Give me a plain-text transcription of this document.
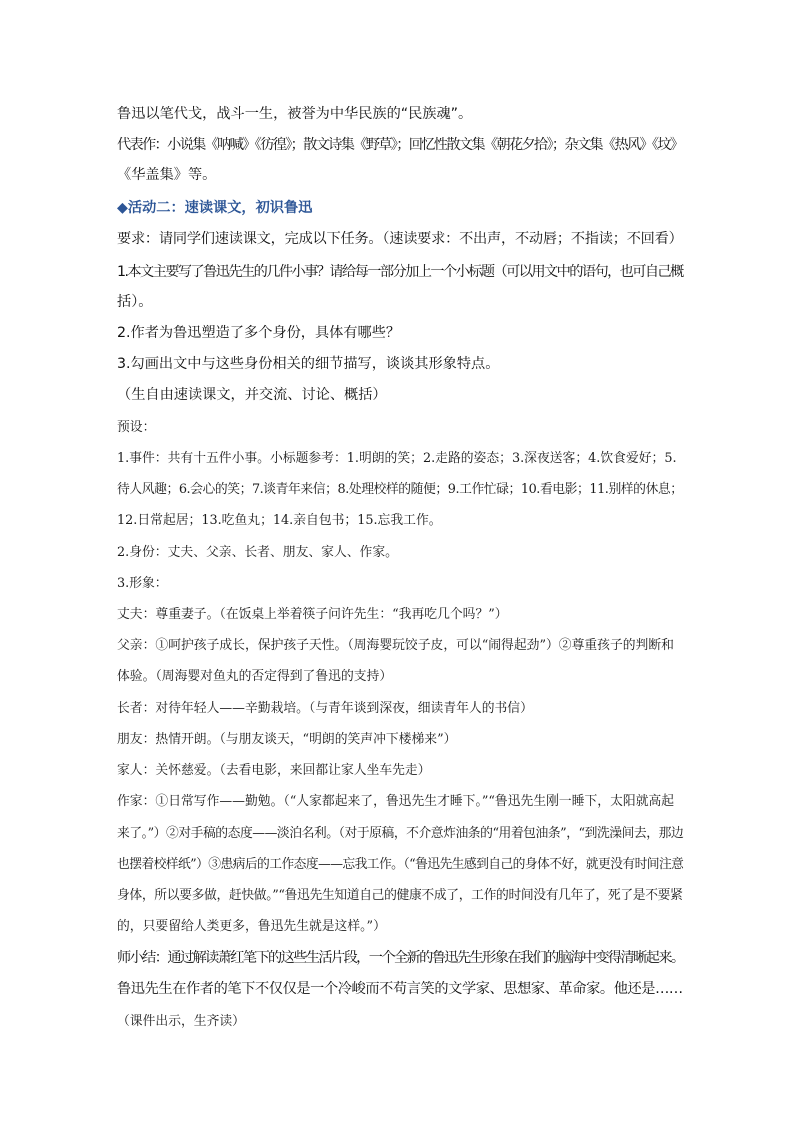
鲁迅以笔代戈，战斗一生，被誉为中华民族的“民族魂”。
代表作：小说集《呐喊》《彷徨》；散文诗集《野草》；回忆性散文集《朝花夕拾》；杂文集《热风》《坟》
《华盖集》等。
◆活动二：速读课文，初识鲁迅
要求：请同学们速读课文，完成以下任务。（速读要求：不出声，不动唇；不指读；不回看）
1.本文主要写了鲁迅先生的几件小事？请给每一部分加上一个小标题（可以用文中的语句，也可自己概
括）。
2.作者为鲁迅塑造了多个身份，具体有哪些？
3.勾画出文中与这些身份相关的细节描写，谈谈其形象特点。
（生自由速读课文，并交流、讨论、概括）
预设：
1.事件：共有十五件小事。小标题参考：1.明朗的笑；2.走路的姿态；3.深夜送客；4.饮食爱好；5.
待人风趣；6.会心的笑；7.谈青年来信；8.处理校样的随便；9.工作忙碌；10.看电影；11.别样的休息；
12.日常起居；13.吃鱼丸；14.亲自包书；15.忘我工作。
2.身份：丈夫、父亲、长者、朋友、家人、作家。
3.形象：
丈夫：尊重妻子。（在饭桌上举着筷子问许先生：“我再吃几个吗？”）
父亲：①呵护孩子成长，保护孩子天性。（周海婴玩饺子皮，可以“闹得起劲”）②尊重孩子的判断和
体验。（周海婴对鱼丸的否定得到了鲁迅的支持）
长者：对待年轻人——辛勤栽培。（与青年谈到深夜，细读青年人的书信）
朋友：热情开朗。（与朋友谈天，“明朗的笑声冲下楼梯来”）
家人：关怀慈爱。（去看电影，来回都让家人坐车先走）
作家：①日常写作——勤勉。（“人家都起来了，鲁迅先生才睡下。”“鲁迅先生刚一睡下，太阳就高起
来了。”）②对手稿的态度——淡泊名利。（对于原稿，不介意炸油条的“用着包油条”，“到洗澡间去，那边
也摆着校样纸”）③患病后的工作态度——忘我工作。（“鲁迅先生感到自己的身体不好，就更没有时间注意
身体，所以要多做，赶快做。”“鲁迅先生知道自己的健康不成了，工作的时间没有几年了，死了是不要紧
的，只要留给人类更多，鲁迅先生就是这样。”）
师小结：通过解读萧红笔下的这些生活片段，一个全新的鲁迅先生形象在我们的脑海中变得清晰起来。
鲁迅先生在作者的笔下不仅仅是一个冷峻而不苟言笑的文学家、思想家、革命家。他还是……
（课件出示，生齐读）
